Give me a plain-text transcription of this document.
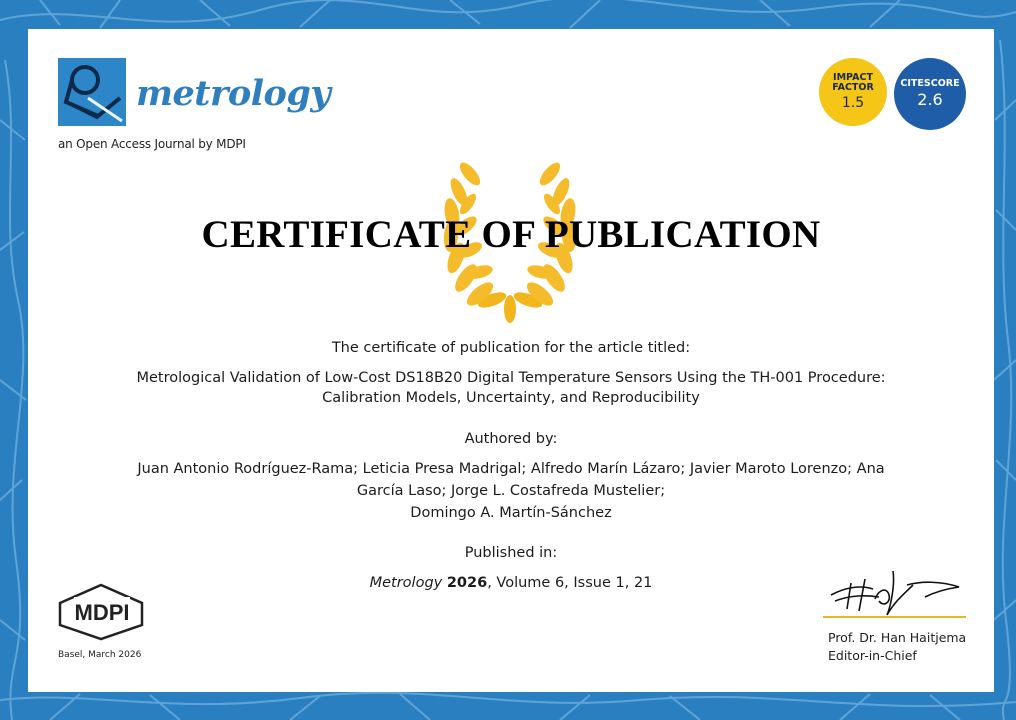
metrology
an Open Access Journal by MDPI
IMPACT
FACTOR
1.5
CITESCORE
2.6
CERTIFICATE OF PUBLICATION
The certificate of publication for the article titled:
Metrological Validation of Low-Cost DS18B20 Digital Temperature Sensors Using the TH-001 Procedure:
Calibration Models, Uncertainty, and Reproducibility
Authored by:
Juan Antonio Rodríguez-Rama; Leticia Presa Madrigal; Alfredo Marín Lázaro; Javier Maroto Lorenzo; Ana
García Laso; Jorge L. Costafreda Mustelier;
Domingo A. Martín-Sánchez
Published in:
Metrology 2026, Volume 6, Issue 1, 21
MDPI
Basel, March 2026
Prof. Dr. Han Haitjema
Editor-in-Chief
